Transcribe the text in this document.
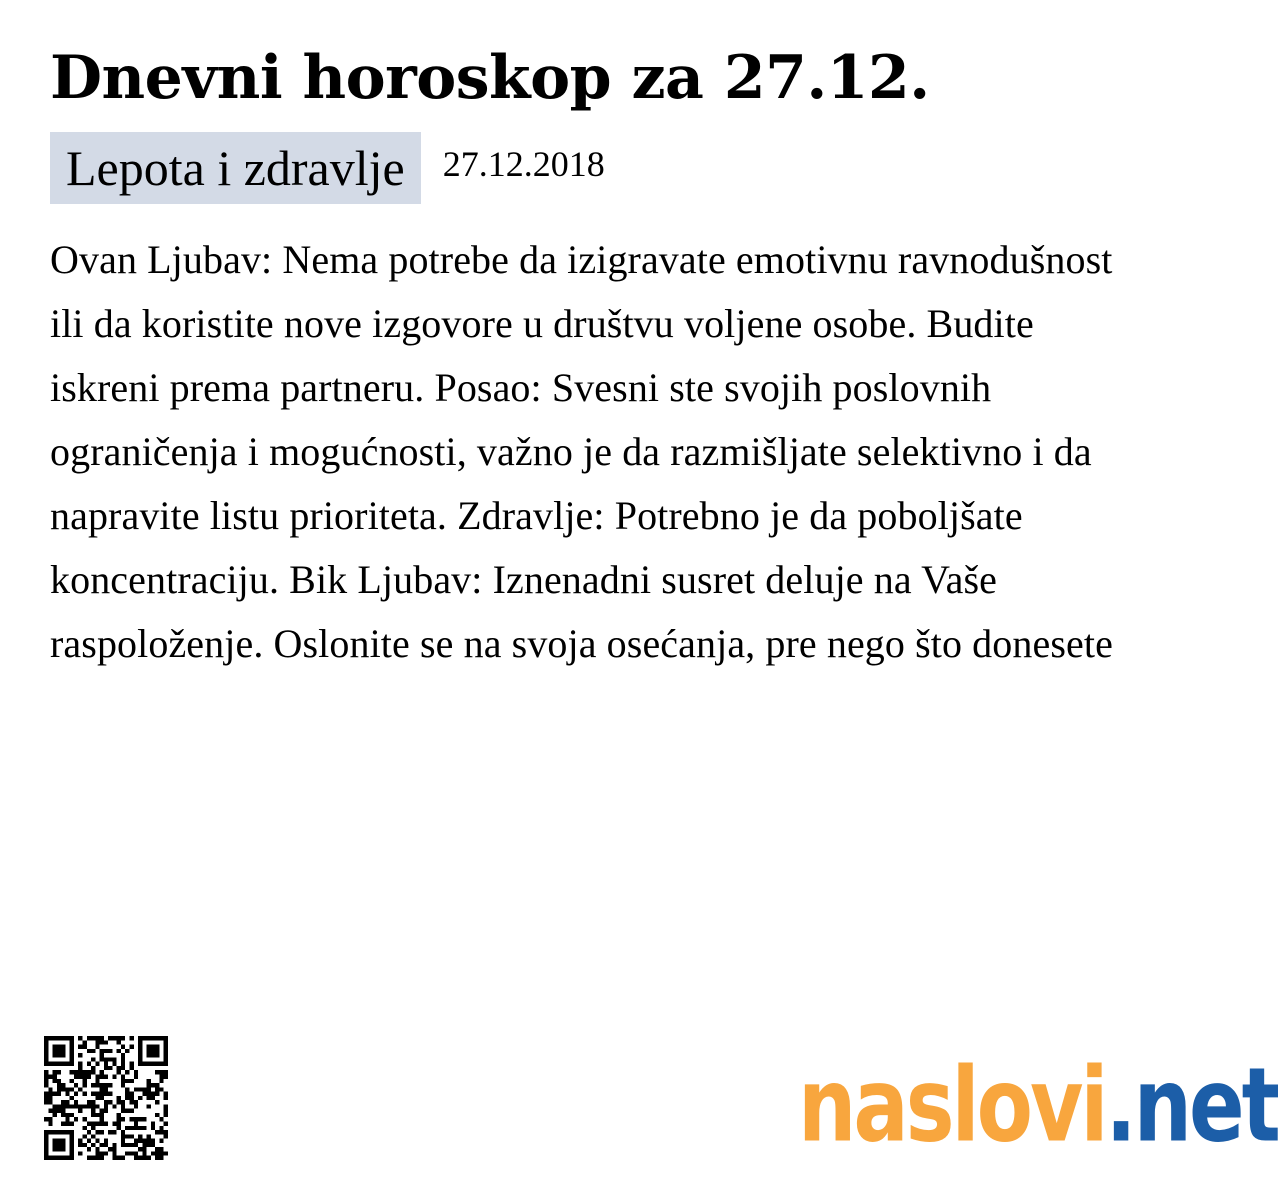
Dnevni horoskop za 27.12.
Lepota i zdravlje	27.12.2018

Ovan Ljubav: Nema potrebe da izigravate emotivnu ravnodušnost ili da koristite nove izgovore u društvu voljene osobe. Budite iskreni prema partneru. Posao: Svesni ste svojih poslovnih ograničenja i mogućnosti, važno je da razmišljate selektivno i da napravite listu prioriteta. Zdravlje: Potrebno je da poboljšate koncentraciju. Bik Ljubav: Iznenadni susret deluje na Vaše raspoloženje. Oslonite se na svoja osećanja, pre nego što donesete

naslovi .net
